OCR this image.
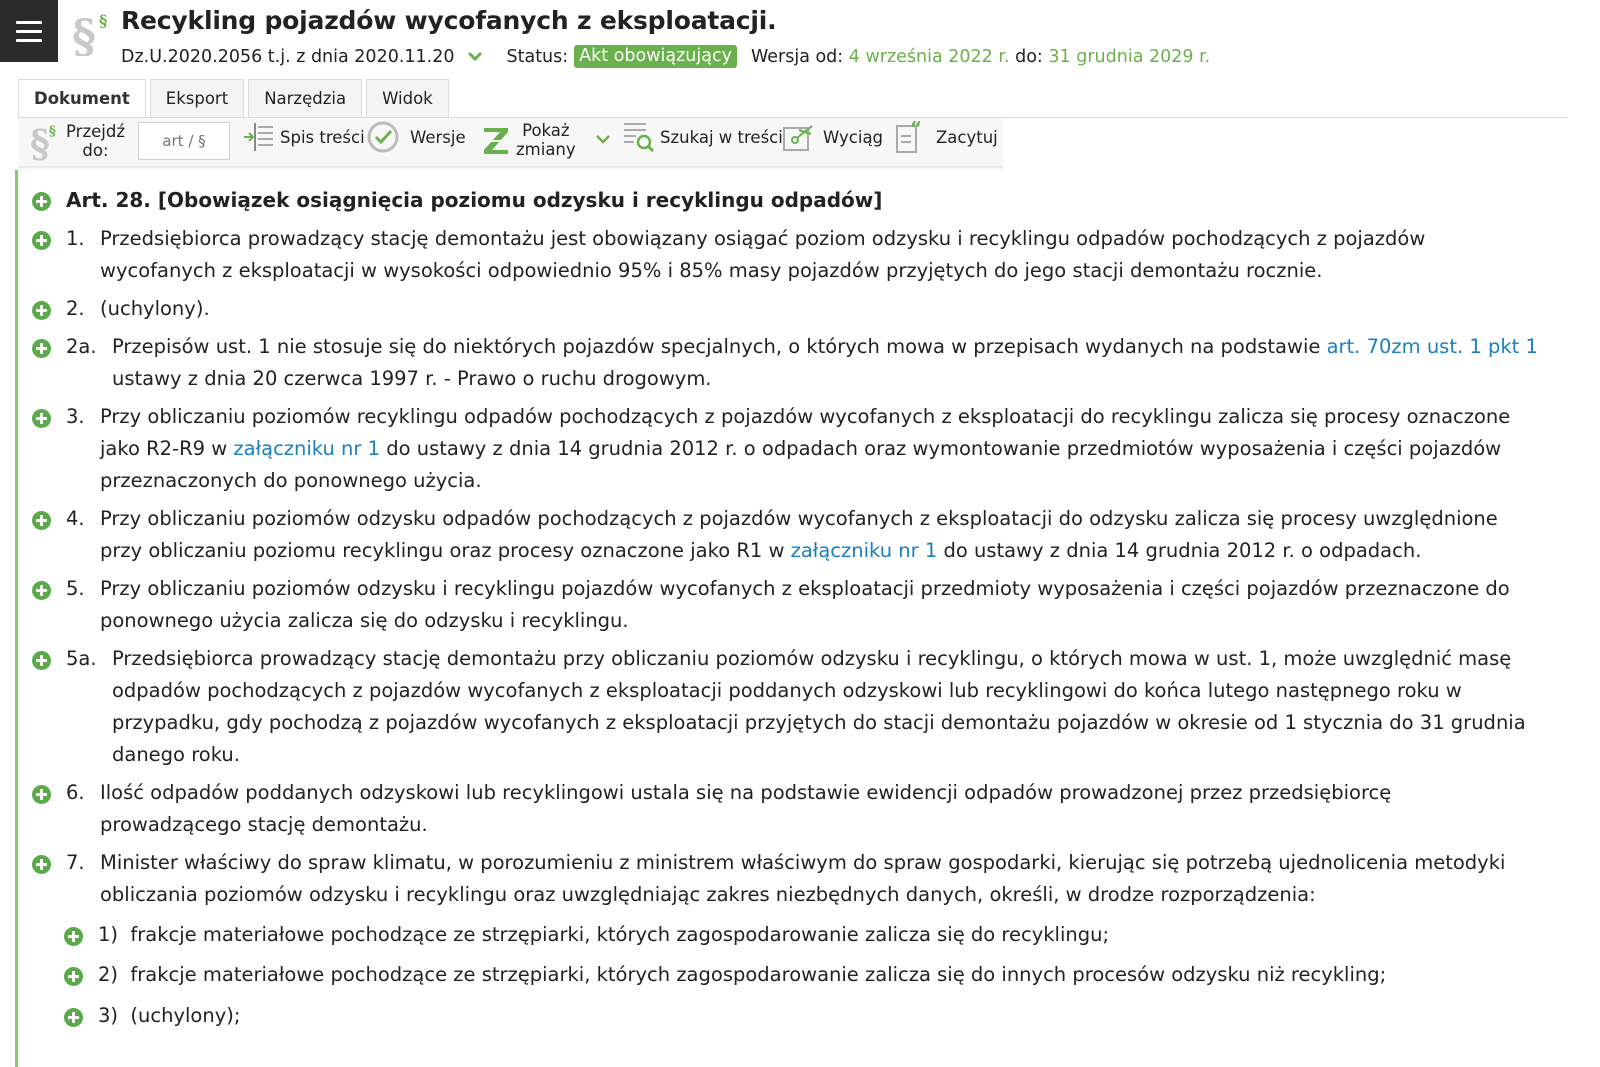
§ § Recykling pojazdów wycofanych z eksploatacji.
Dz.U.2020.2056 t.j. z dnia 2020.11.20	Status: Akt obowiązujący Wersja od:
4 września 2022 r.
do:
31 grudnia 2029 r.
Dokument	Eksport	Narzędzia	Widok
§ § Przejdź
do:
art / §
Spis treści	Wersje	Pokaż
zmiany
Szukaj w treści Wyciąg “ Zacytuj
Art. 28. [Obowiązek osiągnięcia poziomu odzysku i recyklingu odpadów]
1. Przedsiębiorca prowadzący stację demontażu jest obowiązany osiągać poziom odzysku i recyklingu odpadów pochodzących z pojazdów
wycofanych z eksploatacji w wysokości odpowiednio 95% i 85% masy pojazdów przyjętych do jego stacji demontażu rocznie.
2. (uchylony).
2a. Przepisów ust. 1 nie stosuje się do niektórych pojazdów specjalnych, o których mowa w przepisach wydanych na podstawie art. 70zm ust. 1 pkt 1
ustawy z dnia 20 czerwca 1997 r. - Prawo o ruchu drogowym.
3. Przy obliczaniu poziomów recyklingu odpadów pochodzących z pojazdów wycofanych z eksploatacji do recyklingu zalicza się procesy oznaczone
jako R2-R9 w załączniku nr 1 do ustawy z dnia 14 grudnia 2012 r. o odpadach oraz wymontowanie przedmiotów wyposażenia i części pojazdów
przeznaczonych do ponownego użycia.
4. Przy obliczaniu poziomów odzysku odpadów pochodzących z pojazdów wycofanych z eksploatacji do odzysku zalicza się procesy uwzględnione
przy obliczaniu poziomu recyklingu oraz procesy oznaczone jako R1 w załączniku nr 1 do ustawy z dnia 14 grudnia 2012 r. o odpadach.
5. Przy obliczaniu poziomów odzysku i recyklingu pojazdów wycofanych z eksploatacji przedmioty wyposażenia i części pojazdów przeznaczone do
ponownego użycia zalicza się do odzysku i recyklingu.
5a. Przedsiębiorca prowadzący stację demontażu przy obliczaniu poziomów odzysku i recyklingu, o których mowa w ust. 1, może uwzględnić masę
odpadów pochodzących z pojazdów wycofanych z eksploatacji poddanych odzyskowi lub recyklingowi do końca lutego następnego roku w
przypadku, gdy pochodzą z pojazdów wycofanych z eksploatacji przyjętych do stacji demontażu pojazdów w okresie od 1 stycznia do 31 grudnia
danego roku.
6. Ilość odpadów poddanych odzyskowi lub recyklingowi ustala się na podstawie ewidencji odpadów prowadzonej przez przedsiębiorcę
prowadzącego stację demontażu.
7. Minister właściwy do spraw klimatu, w porozumieniu z ministrem właściwym do spraw gospodarki, kierując się potrzebą ujednolicenia metodyki
obliczania poziomów odzysku i recyklingu oraz uwzględniając zakres niezbędnych danych, określi, w drodze rozporządzenia:
1) frakcje materiałowe pochodzące ze strzępiarki, których zagospodarowanie zalicza się do recyklingu;
2) frakcje materiałowe pochodzące ze strzępiarki, których zagospodarowanie zalicza się do innych procesów odzysku niż recykling;
3) (uchylony);
